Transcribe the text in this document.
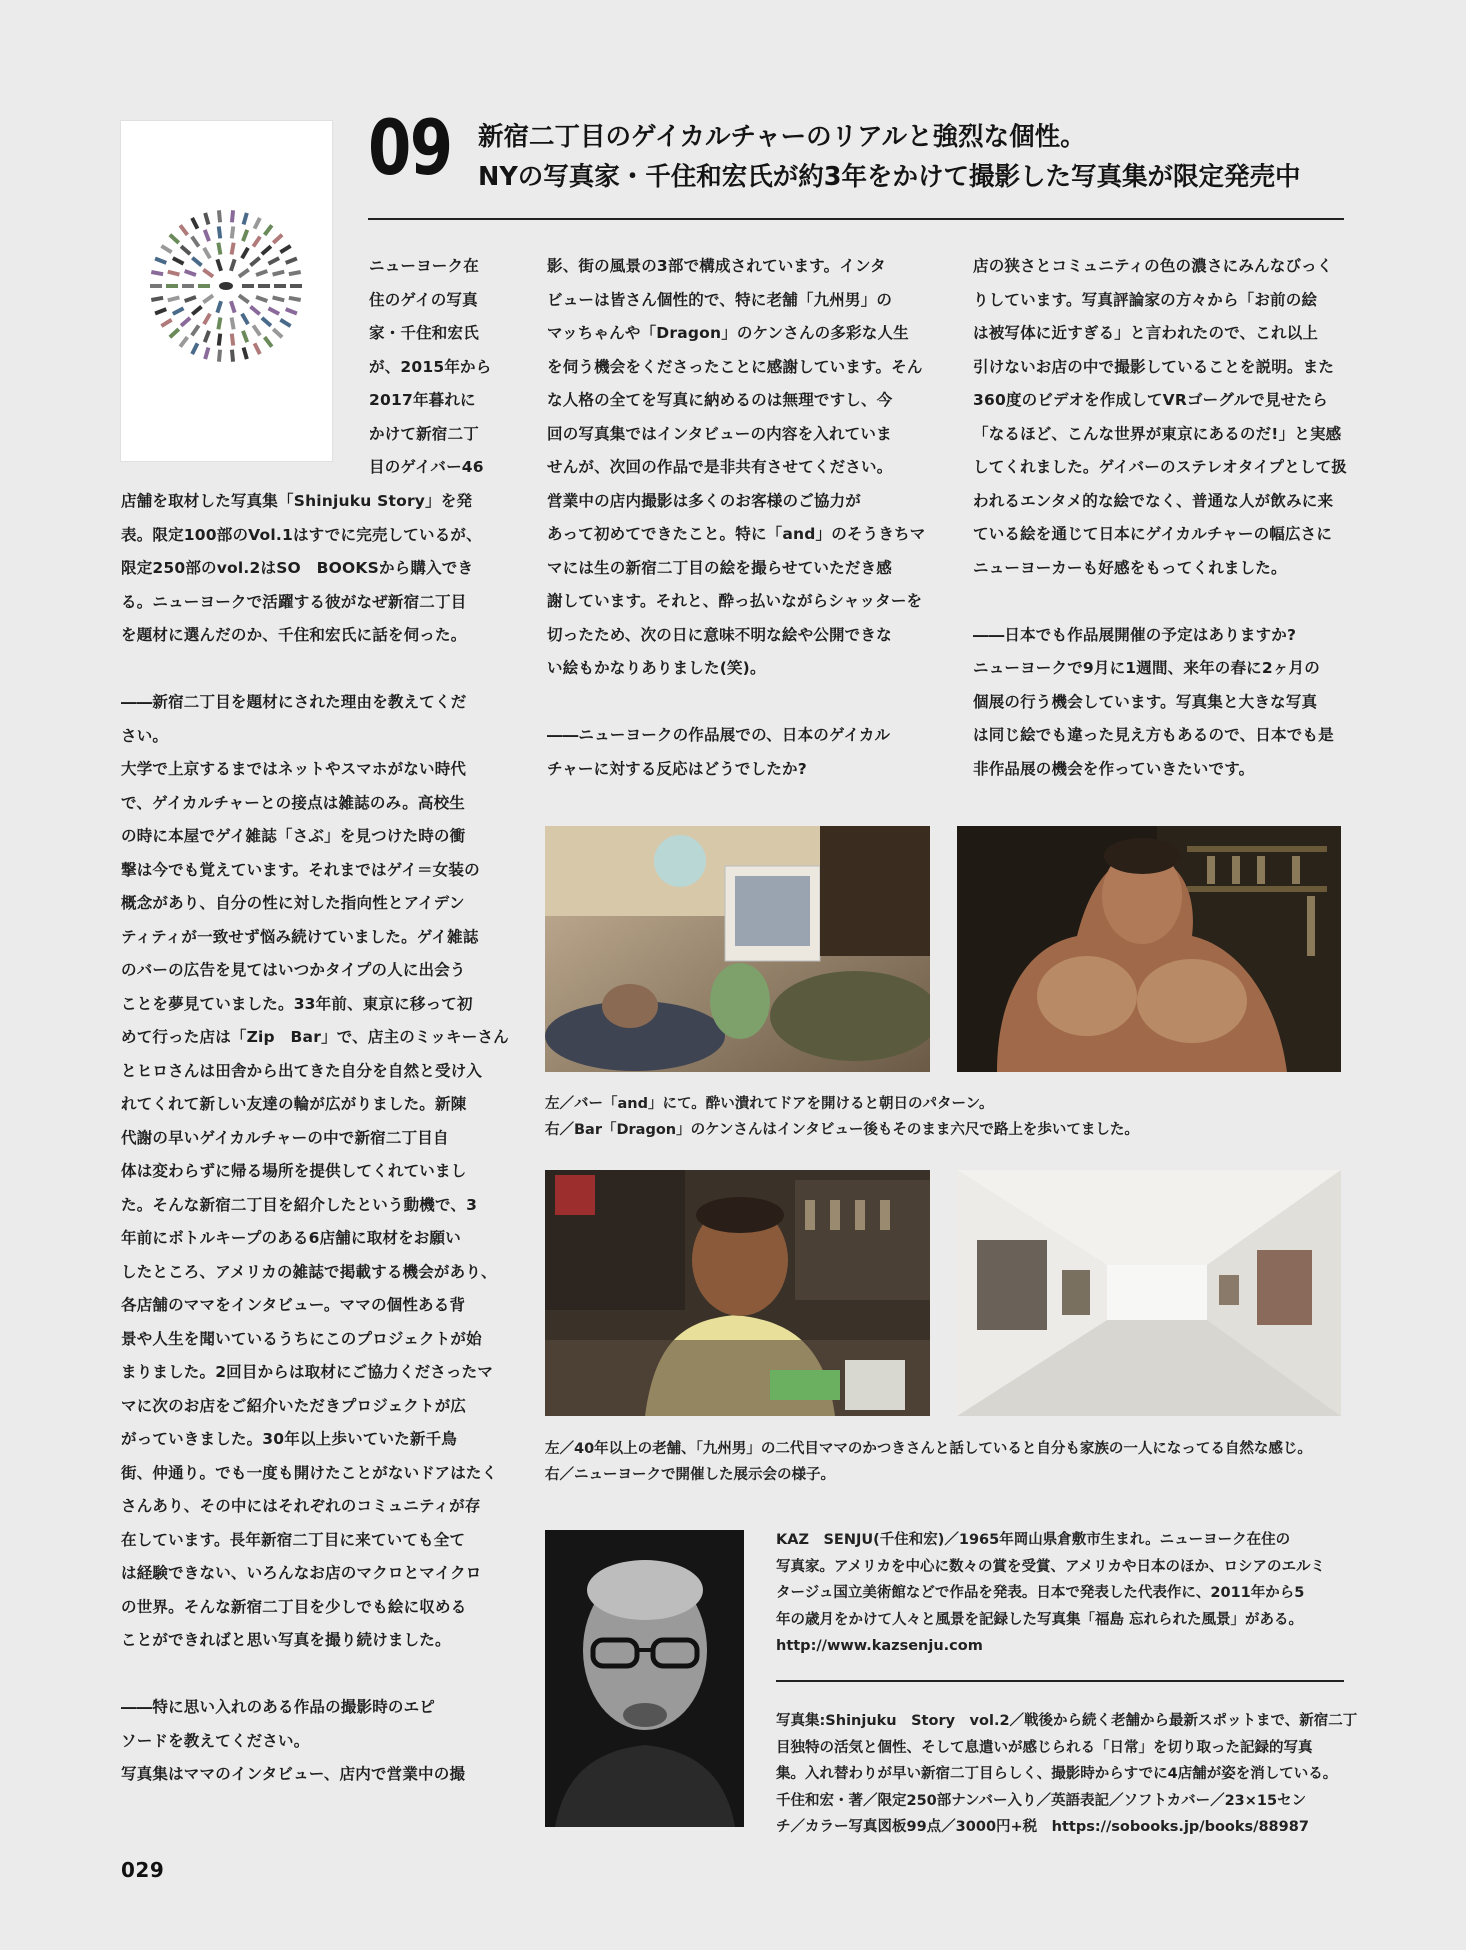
09 新宿二丁目のゲイカルチャーのリアルと強烈な個性。
NYの写真家・千住和宏氏が約3年をかけて撮影した写真集が限定発売中

ニューヨーク在

住のゲイの写真

家・千住和宏氏

が、2015年から

2017年暮れに

かけて新宿二丁

目のゲイバー46

店舗を取材した写真集「Shinjuku Story」を発

表。限定100部のVol.1はすでに完売しているが、

限定250部のvol.2はSO　BOOKSから購入でき

る。ニューヨークで活躍する彼がなぜ新宿二丁目

を題材に選んだのか、千住和宏氏に話を伺った。

――新宿二丁目を題材にされた理由を教えてくだ

さい。

大学で上京するまではネットやスマホがない時代

で、ゲイカルチャーとの接点は雑誌のみ。高校生

の時に本屋でゲイ雑誌「さぶ」を見つけた時の衝

撃は今でも覚えています。それまではゲイ＝女装の

概念があり、自分の性に対した指向性とアイデン

ティティが一致せず悩み続けていました。ゲイ雑誌

のバーの広告を見てはいつかタイプの人に出会う

ことを夢見ていました。33年前、東京に移って初

めて行った店は「Zip　Bar」で、店主のミッキーさん

とヒロさんは田舎から出てきた自分を自然と受け入

れてくれて新しい友達の輪が広がりました。新陳

代謝の早いゲイカルチャーの中で新宿二丁目自

体は変わらずに帰る場所を提供してくれていまし

た。そんな新宿二丁目を紹介したという動機で、3

年前にボトルキープのある6店舗に取材をお願い

したところ、アメリカの雑誌で掲載する機会があり、

各店舗のママをインタビュー。ママの個性ある背

景や人生を聞いているうちにこのプロジェクトが始

まりました。2回目からは取材にご協力くださったマ

マに次のお店をご紹介いただきプロジェクトが広

がっていきました。30年以上歩いていた新千鳥

街、仲通り。でも一度も開けたことがないドアはたく

さんあり、その中にはそれぞれのコミュニティが存

在しています。長年新宿二丁目に来ていても全て

は経験できない、いろんなお店のマクロとマイクロ

の世界。そんな新宿二丁目を少しでも絵に収める

ことができればと思い写真を撮り続けました。

――特に思い入れのある作品の撮影時のエピ

ソードを教えてください。

写真集はママのインタビュー、店内で営業中の撮

影、街の風景の3部で構成されています。インタ

ビューは皆さん個性的で、特に老舗「九州男」の

マッちゃんや「Dragon」のケンさんの多彩な人生

を伺う機会をくださったことに感謝しています。そん

な人格の全てを写真に納めるのは無理ですし、今

回の写真集ではインタビューの内容を入れていま

せんが、次回の作品で是非共有させてください。

営業中の店内撮影は多くのお客様のご協力が

あって初めてできたこと。特に「and」のそうきちマ

マには生の新宿二丁目の絵を撮らせていただき感

謝しています。それと、酔っ払いながらシャッターを

切ったため、次の日に意味不明な絵や公開できな

い絵もかなりありました(笑)。

――ニューヨークの作品展での、日本のゲイカル

チャーに対する反応はどうでしたか?

店の狭さとコミュニティの色の濃さにみんなびっく

りしています。写真評論家の方々から「お前の絵

は被写体に近すぎる」と言われたので、これ以上

引けないお店の中で撮影していることを説明。また

360度のビデオを作成してVRゴーグルで見せたら

「なるほど、こんな世界が東京にあるのだ!」と実感

してくれました。ゲイバーのステレオタイプとして扱

われるエンタメ的な絵でなく、普通な人が飲みに来

ている絵を通じて日本にゲイカルチャーの幅広さに

ニューヨーカーも好感をもってくれました。

――日本でも作品展開催の予定はありますか?

ニューヨークで9月に1週間、来年の春に2ヶ月の

個展の行う機会しています。写真集と大きな写真

は同じ絵でも違った見え方もあるので、日本でも是

非作品展の機会を作っていきたいです。

左／バー「and」にて。酔い潰れてドアを開けると朝日のパターン。

右／Bar「Dragon」のケンさんはインタビュー後もそのまま六尺で路上を歩いてました。

左／40年以上の老舗、「九州男」の二代目ママのかつきさんと話していると自分も家族の一人になってる自然な感じ。

右／ニューヨークで開催した展示会の様子。

KAZ　SENJU(千住和宏)／1965年岡山県倉敷市生まれ。ニューヨーク在住の

写真家。アメリカを中心に数々の賞を受賞、アメリカや日本のほか、ロシアのエルミ

タージュ国立美術館などで作品を発表。日本で発表した代表作に、2011年から5

年の歳月をかけて人々と風景を記録した写真集「福島 忘れられた風景」がある。

http://www.kazsenju.com

写真集:Shinjuku　Story　vol.2／戦後から続く老舗から最新スポットまで、新宿二丁

目独特の活気と個性、そして息遣いが感じられる「日常」を切り取った記録的写真

集。入れ替わりが早い新宿二丁目らしく、撮影時からすでに4店舗が姿を消している。

千住和宏・著／限定250部ナンバー入り／英語表記／ソフトカバー／23×15セン

チ／カラー写真図板99点／3000円+税　https://sobooks.jp/books/88987

029
